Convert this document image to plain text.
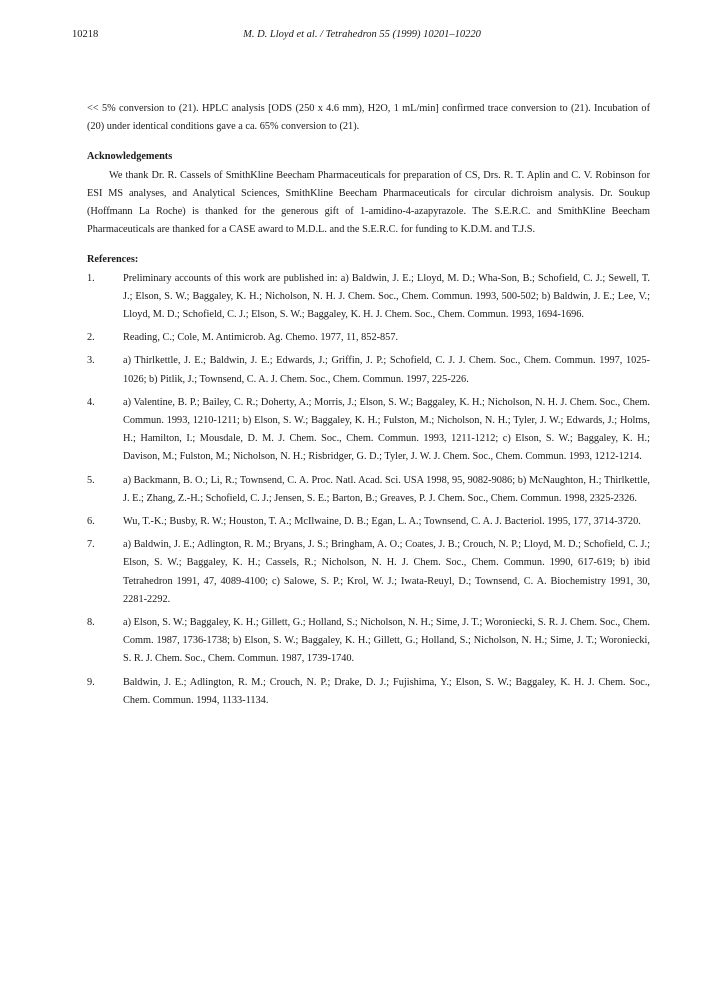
10218	M. D. Lloyd et al. / Tetrahedron 55 (1999) 10201–10220

<< 5% conversion to (21). HPLC analysis [ODS (250 x 4.6 mm), H2O, 1 mL/min] confirmed trace conversion to (21). Incubation of (20) under identical conditions gave a ca. 65% conversion to (21).

Acknowledgements

We thank Dr. R. Cassels of SmithKline Beecham Pharmaceuticals for preparation of CS, Drs. R. T. Aplin and C. V. Robinson for ESI MS analyses, and Analytical Sciences, SmithKline Beecham Pharmaceuticals for circular dichroism analysis. Dr. Soukup (Hoffmann La Roche) is thanked for the generous gift of 1-amidino-4-azapyrazole. The S.E.R.C. and SmithKline Beecham Pharmaceuticals are thanked for a CASE award to M.D.L. and the S.E.R.C. for funding to K.D.M. and T.J.S.

References:
1.	Preliminary accounts of this work are published in: a) Baldwin, J. E.; Lloyd, M. D.; Wha-Son, B.; Schofield, C. J.; Sewell, T. J.; Elson, S. W.; Baggaley, K. H.; Nicholson, N. H. J. Chem. Soc., Chem. Commun. 1993, 500-502; b) Baldwin, J. E.; Lee, V.; Lloyd, M. D.; Schofield, C. J.; Elson, S. W.; Baggaley, K. H. J. Chem. Soc., Chem. Commun. 1993, 1694-1696.
2.	Reading, C.; Cole, M. Antimicrob. Ag. Chemo. 1977, 11, 852-857.
3.	a) Thirlkettle, J. E.; Baldwin, J. E.; Edwards, J.; Griffin, J. P.; Schofield, C. J. J. Chem. Soc., Chem. Commun. 1997, 1025-1026; b) Pitlik, J.; Townsend, C. A. J. Chem. Soc., Chem. Commun. 1997, 225-226.
4.	a) Valentine, B. P.; Bailey, C. R.; Doherty, A.; Morris, J.; Elson, S. W.; Baggaley, K. H.; Nicholson, N. H. J. Chem. Soc., Chem. Commun. 1993, 1210-1211; b) Elson, S. W.; Baggaley, K. H.; Fulston, M.; Nicholson, N. H.; Tyler, J. W.; Edwards, J.; Holms, H.; Hamilton, I.; Mousdale, D. M. J. Chem. Soc., Chem. Commun. 1993, 1211-1212; c) Elson, S. W.; Baggaley, K. H.; Davison, M.; Fulston, M.; Nicholson, N. H.; Risbridger, G. D.; Tyler, J. W. J. Chem. Soc., Chem. Commun. 1993, 1212-1214.
5.	a) Backmann, B. O.; Li, R.; Townsend, C. A. Proc. Natl. Acad. Sci. USA 1998, 95, 9082-9086; b) McNaughton, H.; Thirlkettle, J. E.; Zhang, Z.-H.; Schofield, C. J.; Jensen, S. E.; Barton, B.; Greaves, P. J. Chem. Soc., Chem. Commun. 1998, 2325-2326.
6.	Wu, T.-K.; Busby, R. W.; Houston, T. A.; McIlwaine, D. B.; Egan, L. A.; Townsend, C. A. J. Bacteriol. 1995, 177, 3714-3720.
7.	a) Baldwin, J. E.; Adlington, R. M.; Bryans, J. S.; Bringham, A. O.; Coates, J. B.; Crouch, N. P.; Lloyd, M. D.; Schofield, C. J.; Elson, S. W.; Baggaley, K. H.; Cassels, R.; Nicholson, N. H. J. Chem. Soc., Chem. Commun. 1990, 617-619; b) ibid Tetrahedron 1991, 47, 4089-4100; c) Salowe, S. P.; Krol, W. J.; Iwata-Reuyl, D.; Townsend, C. A. Biochemistry 1991, 30, 2281-2292.
8.	a) Elson, S. W.; Baggaley, K. H.; Gillett, G.; Holland, S.; Nicholson, N. H.; Sime, J. T.; Woroniecki, S. R. J. Chem. Soc., Chem. Comm. 1987, 1736-1738; b) Elson, S. W.; Baggaley, K. H.; Gillett, G.; Holland, S.; Nicholson, N. H.; Sime, J. T.; Woroniecki, S. R. J. Chem. Soc., Chem. Commun. 1987, 1739-1740.
9.	Baldwin, J. E.; Adlington, R. M.; Crouch, N. P.; Drake, D. J.; Fujishima, Y.; Elson, S. W.; Baggaley, K. H. J. Chem. Soc., Chem. Commun. 1994, 1133-1134.
